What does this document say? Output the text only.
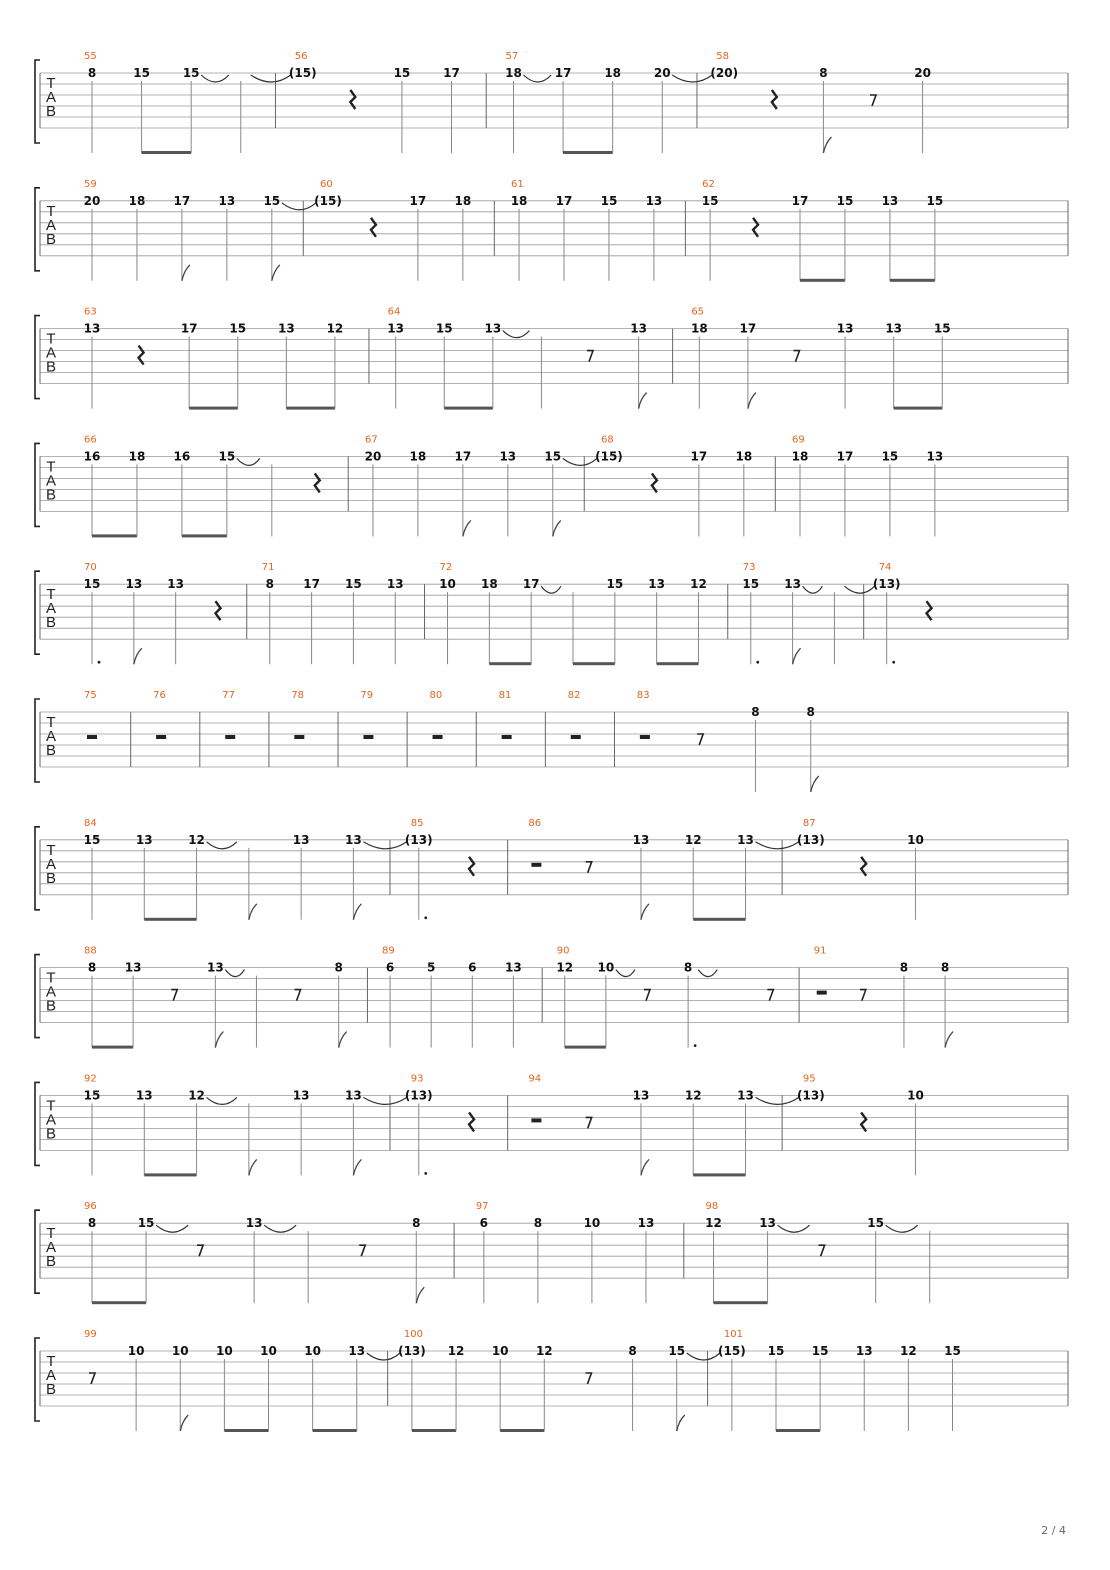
T
A
B
55	56	57	58
8	15	15	(15)	15	17	18	17	18	20	(20)	8	20
T
A
B
59	60	61	62
20 18 17 13 15	(15)	17 18	18 17 15 13	15	17 15 13 15
T
A
B
63	64	65
13	17	15	13	12	13	15	13	13	18	17	13	13	15
T
A
B
66	67	68	69
16 18 16 15	20 18 17 13 15	(15)	17 18	18 17 15 13
T
A
B
70	71	72	73	74
15 13 13	8 17 15 13	10 18 17	15 13 12	15 13	(13)
T
A
B
75	76	77	78	79	80	81	82	83
8	8
T
A
B
84	85	86	87
15	13	12	13	13	(13)	13	12	13	(13)	10
T
A
B
88	89	90	91
8 13	13	8	6	5	6 13	12 10	8	8	8
T
A
B
92	93	94	95
15	13	12	13	13	(13)	13	12	13	(13)	10
T
A
B
96	97	98
8	15	13	8	6	8	10	13	12	13	15
T
A
B
99	100	101
10 10 10 10 10 13	(13) 12 10 12	8	15	(15) 15 15 13 12 15
2 / 4
